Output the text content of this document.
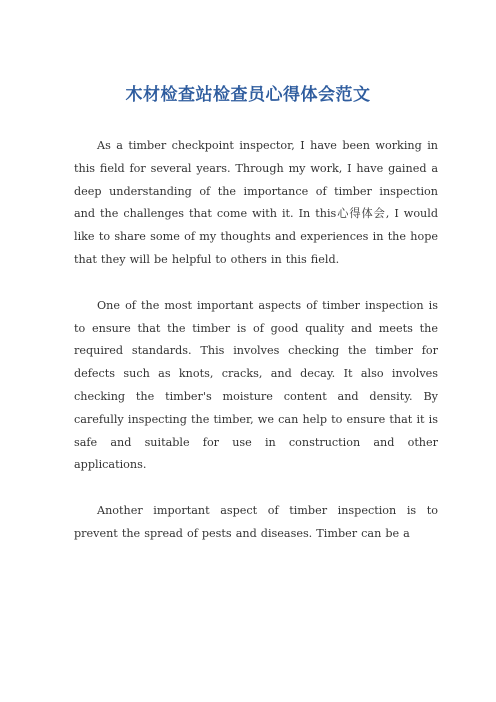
木材检查站检查员心得体会范文

As a timber checkpoint inspector, I have been working in this field for several years. Through my work, I have gained a deep understanding of the importance of timber inspection and the challenges that come with it. In this心得体会, I would like to share some of my thoughts and experiences in the hope that they will be helpful to others in this field.

One of the most important aspects of timber inspection is to ensure that the timber is of good quality and meets the required standards. This involves checking the timber for defects such as knots, cracks, and decay. It also involves checking the timber's moisture content and density. By carefully inspecting the timber, we can help to ensure that it is safe and suitable for use in construction and other applications.

Another important aspect of timber inspection is to prevent the spread of pests and diseases. Timber can be a
